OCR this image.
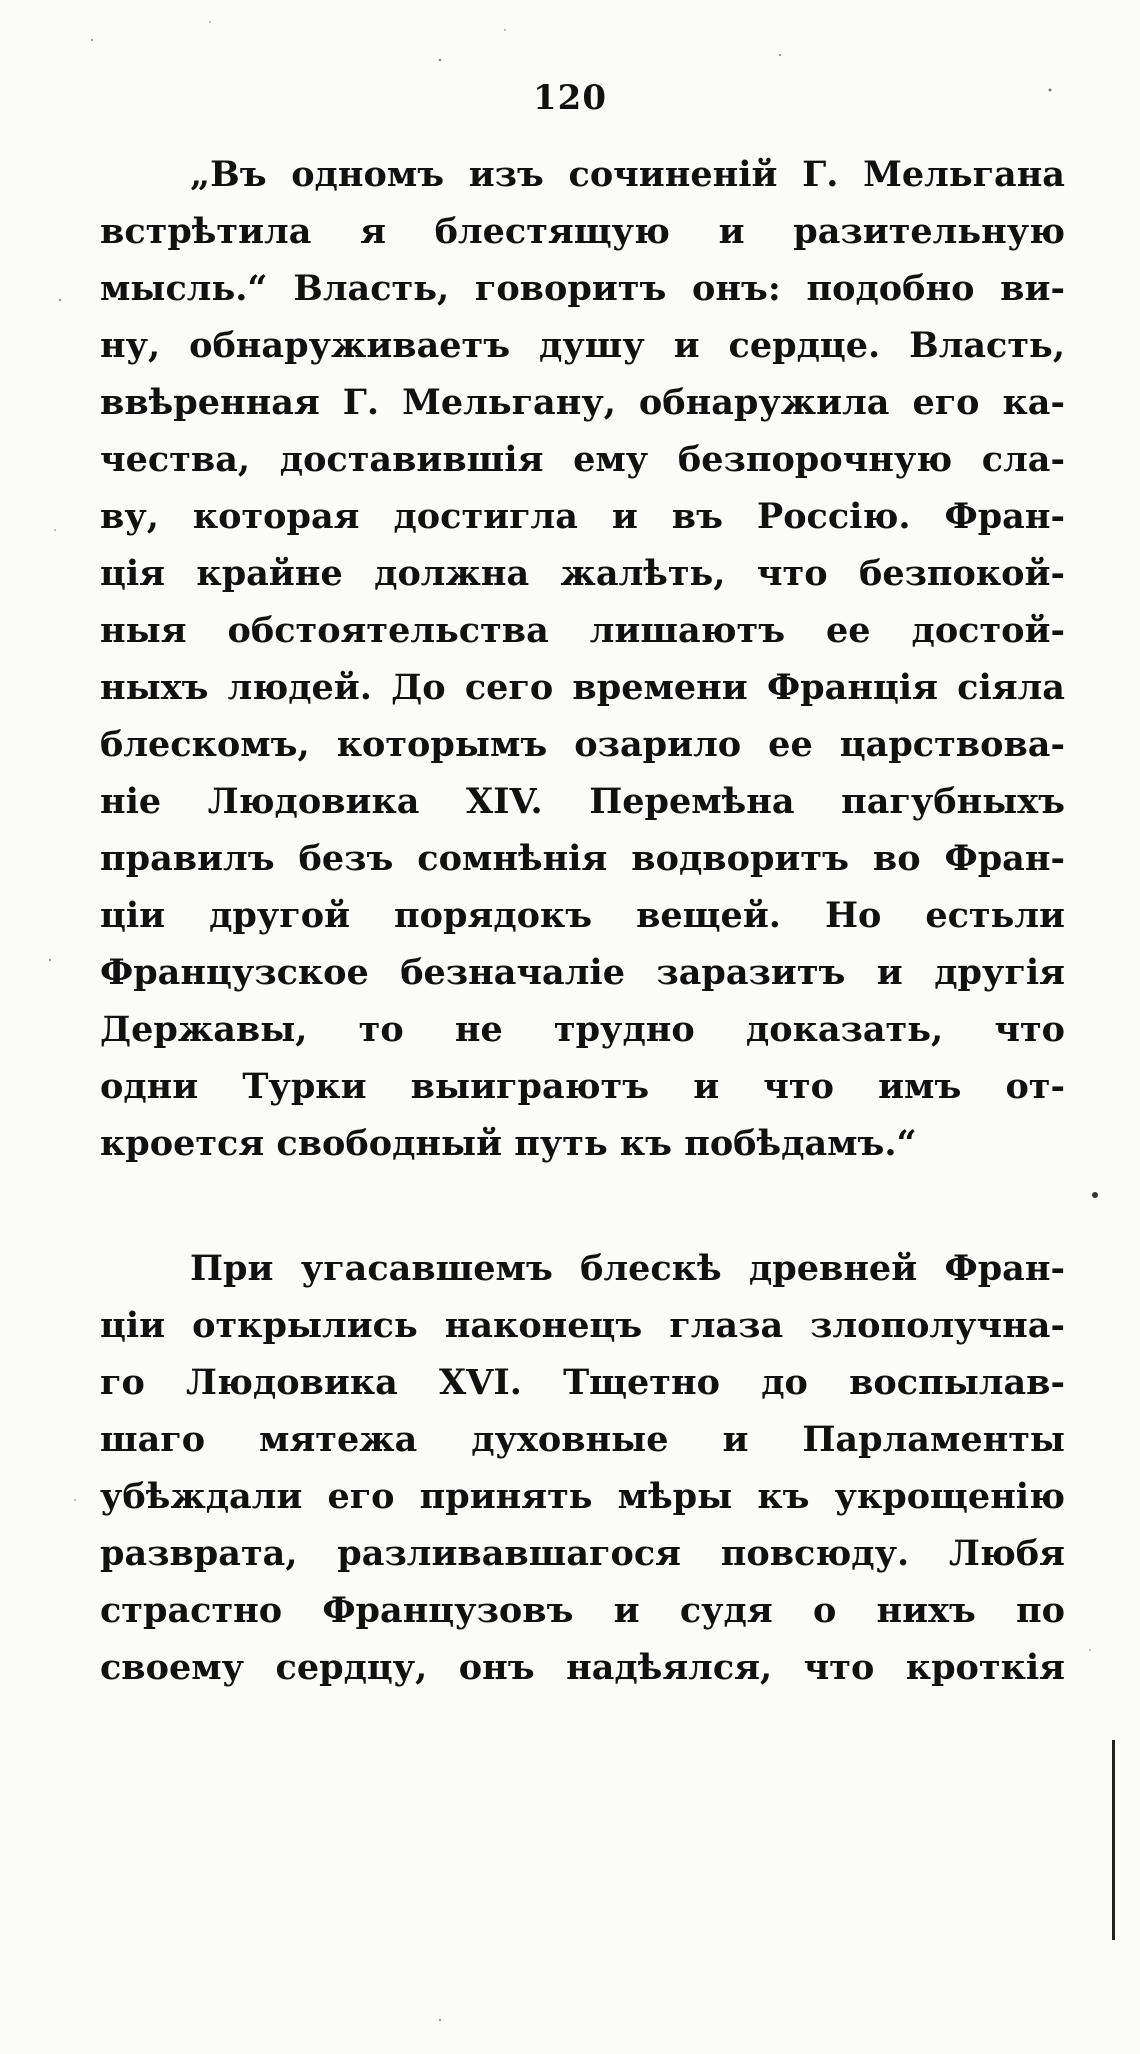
120
„Въ одномъ изъ сочиненій Г. Мельгана
встрѣтила я блестящую и разительную
мысль.“ Власть, говоритъ онъ: подобно ви-
ну, обнаруживаетъ душу и сердце. Власть,
ввѣренная Г. Мельгану, обнаружила его ка-
чества, доставившія ему безпорочную сла-
ву, которая достигла и въ Россію. Фран-
ція крайне должна жалѣть, что безпокой-
ныя обстоятельства лишаютъ ее достой-
ныхъ людей. До сего времени Франція сіяла
блескомъ, которымъ озарило ее царствова-
ніе Людовика XIV. Перемѣна пагубныхъ
правилъ безъ сомнѣнія водворитъ во Фран-
ціи другой порядокъ вещей. Но естьли
Французское безначаліе заразитъ и другія
Державы, то не трудно доказать, что
одни Турки выиграютъ и что имъ от-
кроется свободный путь къ побѣдамъ.“
При угасавшемъ блескѣ древней Фран-
ціи открылись наконецъ глаза злополучна-
го Людовика XVI. Тщетно до воспылав-
шаго мятежа духовные и Парламенты
убѣждали его принять мѣры къ укрощенію
разврата, разливавшагося повсюду. Любя
страстно Французовъ и судя о нихъ по
своему сердцу, онъ надѣялся, что кроткія
